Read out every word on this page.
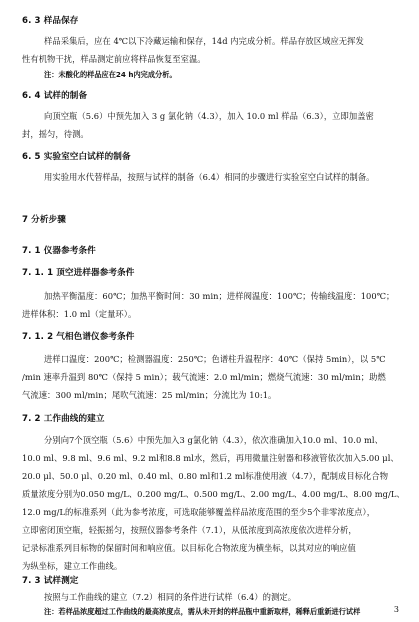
6. 3 样品保存
样品采集后，应在 4℃以下冷藏运输和保存，14d 内完成分析。样品存放区域应无挥发
性有机物干扰，样品测定前应将样品恢复至室温。
注：未酸化的样品应在24 h内完成分析。
6. 4 试样的制备
向顶空瓶（5.6）中预先加入 3 g 氯化钠（4.3），加入 10.0 ml 样品（6.3），立即加盖密
封，摇匀，待测。
6. 5 实验室空白试样的制备
用实验用水代替样品，按照与试样的制备（6.4）相同的步骤进行实验室空白试样的制备。
7 分析步骤
7. 1 仪器参考条件
7. 1. 1 顶空进样器参考条件
加热平衡温度：60℃；加热平衡时间：30 min；进样阀温度：100℃；传输线温度：100℃；
进样体积：1.0 ml（定量环）。
7. 1. 2 气相色谱仪参考条件
进样口温度：200℃；检测器温度：250℃；色谱柱升温程序：40℃（保持 5min），以 5℃
/min 速率升温到 80℃（保持 5 min）；载气流速：2.0 ml/min；燃烧气流速：30 ml/min；助燃
气流速：300 ml/min；尾吹气流速：25 ml/min；分流比为 10:1。
7. 2 工作曲线的建立
分别向7个顶空瓶（5.6）中预先加入3 g氯化钠（4.3），依次准确加入10.0 ml、10.0 ml、
10.0 ml、9.8 ml、9.6 ml、9.2 ml和8.8 ml水，然后，再用微量注射器和移液管依次加入5.00 μl、
20.0 μl、50.0 μl、0.20 ml、0.40 ml、0.80 ml和1.2 ml标准使用液（4.7），配制成目标化合物
质量浓度分别为0.050 mg/L、0.200 mg/L、0.500 mg/L、2.00 mg/L、4.00 mg/L、8.00 mg/L、
12.0 mg/L的标准系列（此为参考浓度，可选取能够覆盖样品浓度范围的至少5个非零浓度点），
立即密闭顶空瓶，轻振摇匀，按照仪器参考条件（7.1），从低浓度到高浓度依次进样分析，
记录标准系列目标物的保留时间和响应值。以目标化合物浓度为横坐标，以其对应的响应值
为纵坐标，建立工作曲线。
7. 3 试样测定
3
按照与工作曲线的建立（7.2）相同的条件进行试样（6.4）的测定。
注：若样品浓度超过工作曲线的最高浓度点，需从未开封的样品瓶中重新取样，稀释后重新进行试样
